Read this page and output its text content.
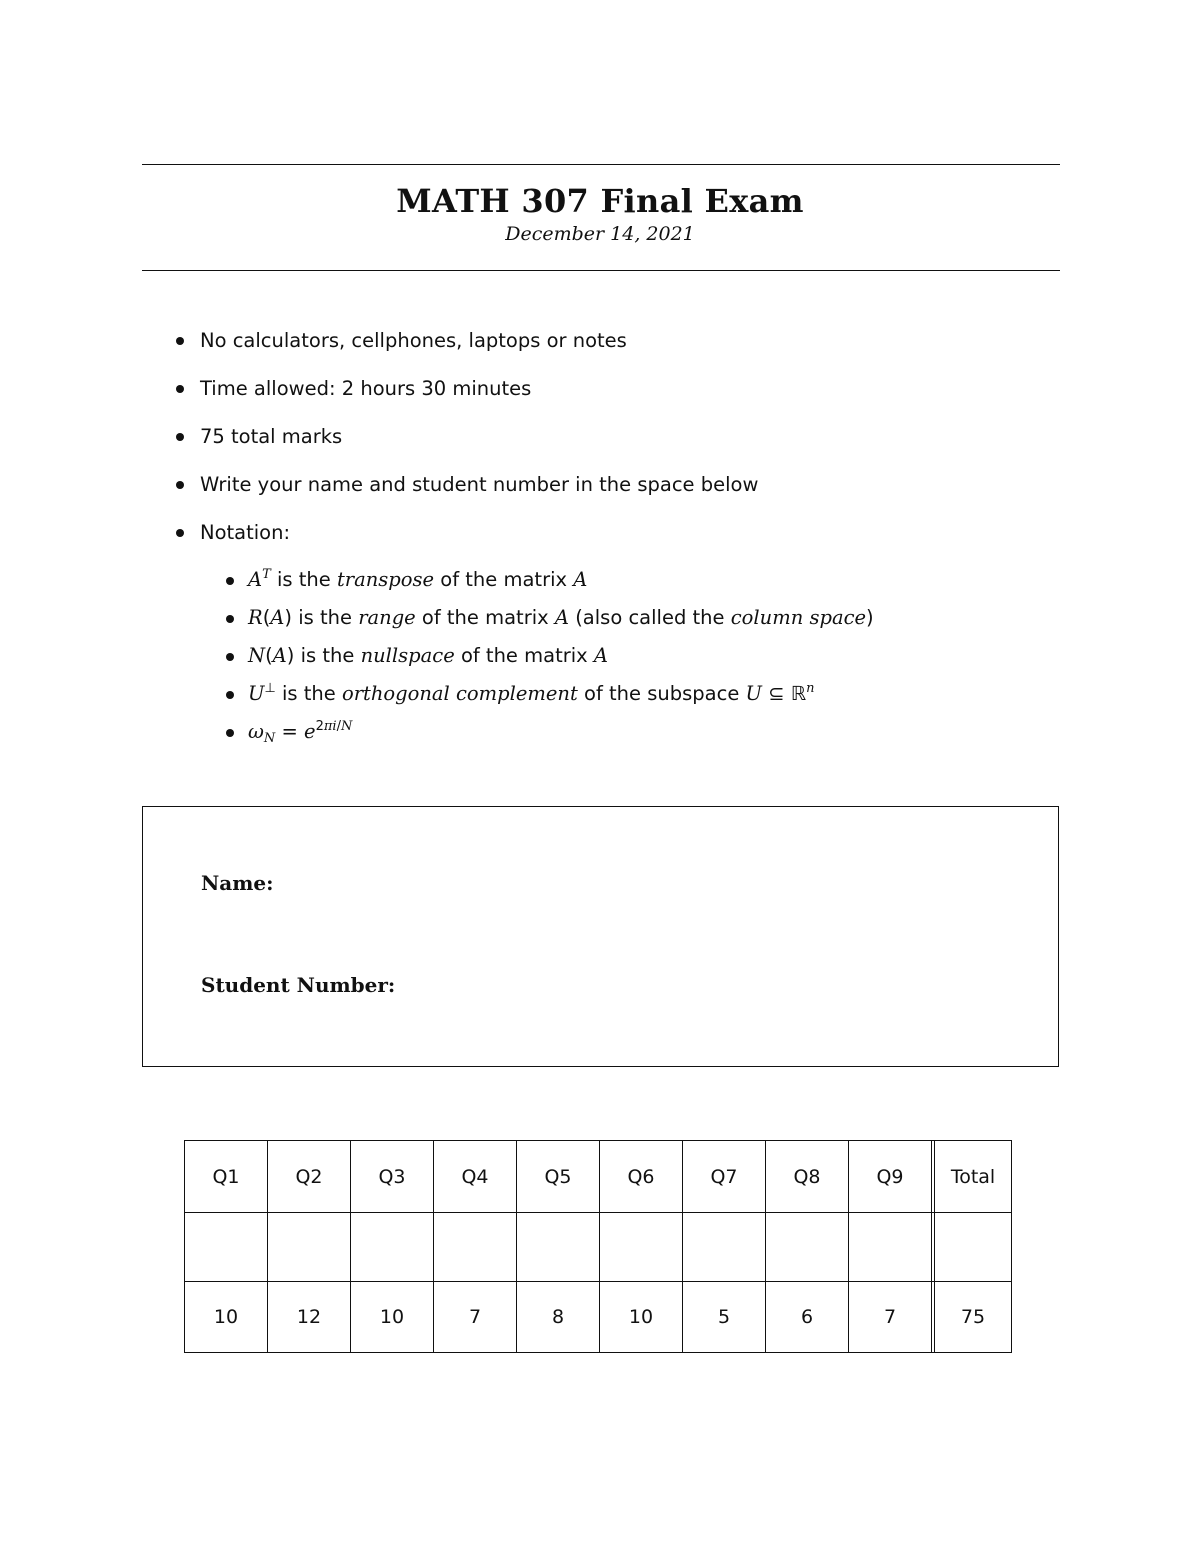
MATH 307 Final Exam
December 14, 2021
No calculators, cellphones, laptops or notes
Time allowed: 2 hours 30 minutes
75 total marks
Write your name and student number in the space below
Notation:
$A^T$ is the transpose of the matrix A
R(A) is the range of the matrix A (also called the column space)
N(A) is the nullspace of the matrix A
U⊥ is the orthogonal complement of the subspace U ⊆ ℝ$^n$
$\omega_N = e^{2\pi i/N}$
Name:
Student Number:
Q1	Q2	Q3	Q4	Q5	Q6	Q7	Q8	Q9		Total

10	12	10	7	8	10	5	6	7		75
